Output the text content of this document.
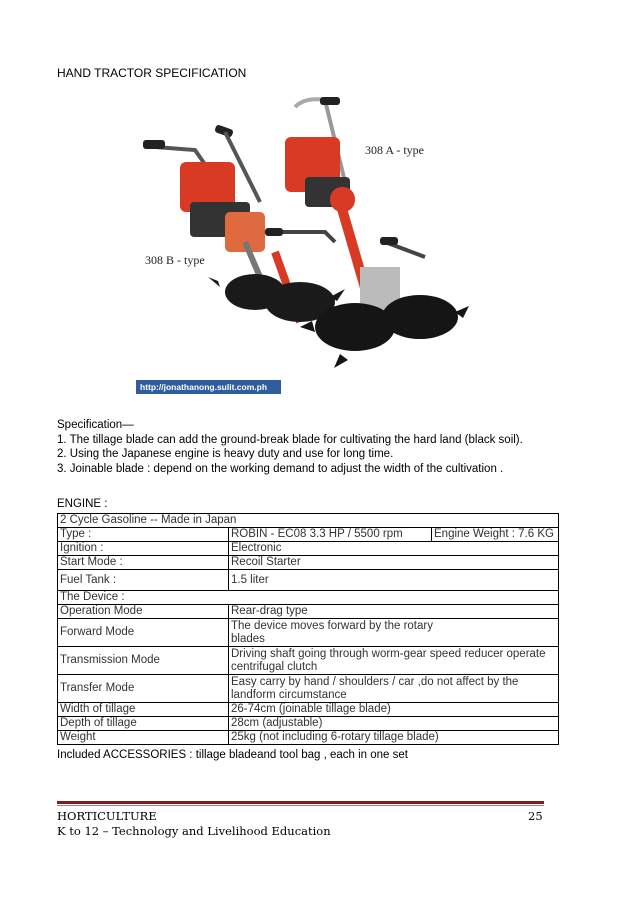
HAND TRACTOR SPECIFICATION
308 A - type
308 B - type
http://jonathanong.sulit.com.ph

Specification—

1. The tillage blade can add the ground-break blade for cultivating the hard land (black soil).

2. Using the Japanese engine is heavy duty and use for long time.

3. Joinable blade : depend on the working demand to adjust the width of the cultivation .

ENGINE :
2 Cycle Gasoline -- Made in Japan		
Type :	ROBIN - EC08 3.3 HP / 5500 rpm	Engine Weight : 7.6 KG
Ignition :	Electronic	
Start Mode :	Recoil Starter	
Fuel Tank :	1.5 liter	
The Device :		
Operation Mode	Rear-drag type	
Forward Mode	The device moves forward by the rotary blades	
Transmission Mode	Driving shaft going through worm-gear speed reducer operate centrifugal clutch	
Transfer Mode	Easy carry by hand / shoulders / car ,do not affect by the landform circumstance	
Width of tillage	26-74cm (joinable tillage blade)	
Depth of tillage	28cm (adjustable)	
Weight	25kg (not including 6-rotary tillage blade)	
Included ACCESSORIES : tillage bladeand tool bag , each in one set
HORTICULTURE	25
K to 12 – Technology and Livelihood Education
